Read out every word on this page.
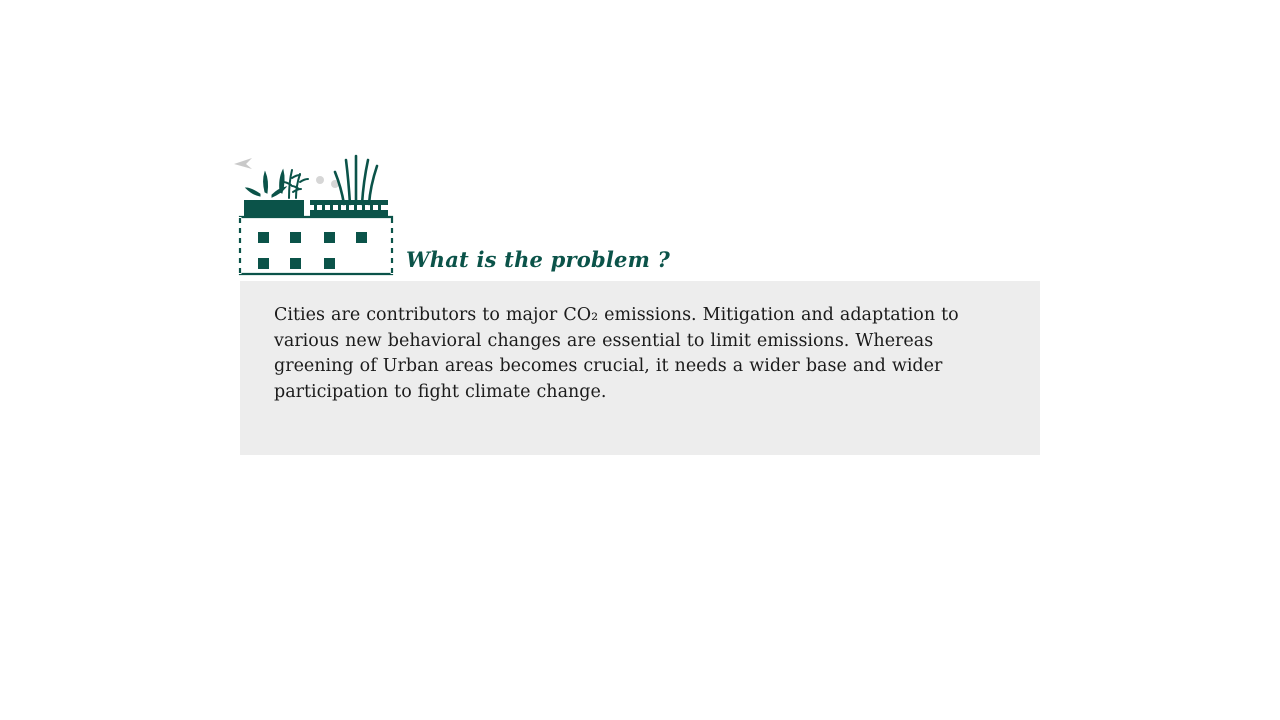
What is the problem ?
Cities are contributors to major CO₂ emissions. Mitigation and adaptation to various new behavioral changes are essential to limit emissions. Whereas greening of Urban areas becomes crucial, it needs a wider base and wider participation to fight climate change.
